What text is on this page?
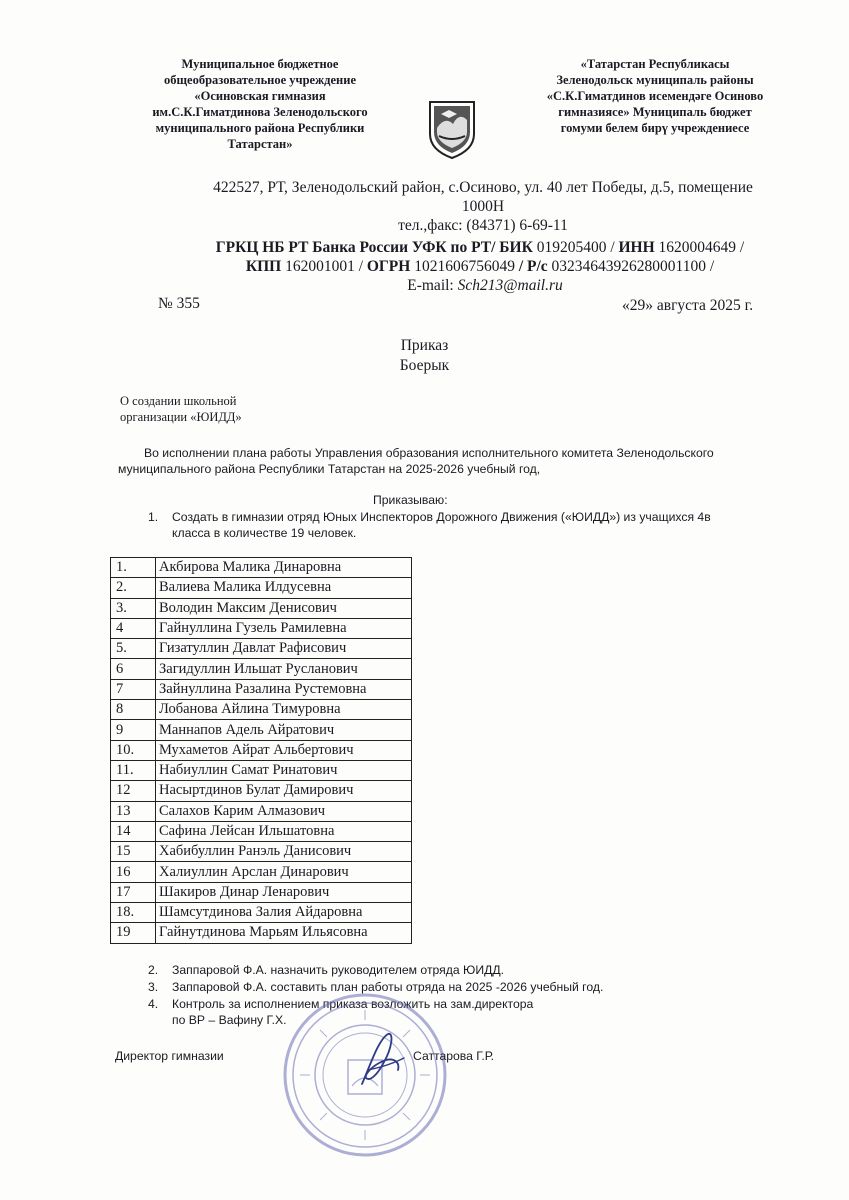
Муниципальное бюджетное
общеобразовательное учреждение
«Осиновская гимназия
им.С.К.Гиматдинова Зеленодольского
муниципального района Республики
Татарстан»
«Татарстан Республикасы
Зеленодольск муниципаль районы
«С.К.Гиматдинов исемендәге Осиново
гимназиясе» Муниципаль бюджет
гомуми белем бирү учреждениесе
422527, РТ, Зеленодольский район, с.Осиново, ул. 40 лет Победы, д.5, помещение
1000Н
тел.,факс: (84371) 6-69-11
ГРКЦ НБ РТ Банка России УФК по РТ/ БИК 019205400 / ИНН 1620004649 /
КПП 162001001 / ОГРН 1021606756049 / Р/с 03234643926280001100 /
E-mail: Sch213@mail.ru
№ 355	«29» августа 2025 г.
Приказ
Боерык
О создании школьной
организации «ЮИДД»
Во исполнении плана работы Управления образования исполнительного комитета Зеленодольского муниципального района Республики Татарстан на 2025-2026 учебный год,
Приказываю:
1. Создать в гимназии отряд Юных Инспекторов Дорожного Движения («ЮИДД») из учащихся 4в
класса в количестве 19 человек.
1.	Акбирова Малика Динаровна
2.	Валиева Малика Илдусевна
3.	Володин Максим Денисович
4	Гайнуллина Гузель Рамилевна
5.	Гизатуллин Давлат Рафисович
6	Загидуллин Ильшат Русланович
7	Зайнуллина Разалина Рустемовна
8	Лобанова Айлина Тимуровна
9	Маннапов Адель Айратович
10.	Мухаметов Айрат Альбертович
11.	Набиуллин Самат Ринатович
12	Насыртдинов Булат Дамирович
13	Салахов Карим Алмазович
14	Сафина Лейсан Ильшатовна
15	Хабибуллин Ранэль Данисович
16	Халиуллин Арслан Динарович
17	Шакиров Динар Ленарович
18.	Шамсутдинова Залия Айдаровна
19	Гайнутдинова Марьям Ильясовна
2. Заппаровой Ф.А. назначить руководителем отряда ЮИДД.
3. Заппаровой Ф.А. составить план работы отряда на 2025 -2026 учебный год.
4. Контроль за исполнением приказа возложить на зам.директора
по ВР – Вафину Г.Х.
Директор гимназии	Саттарова Г.Р.
